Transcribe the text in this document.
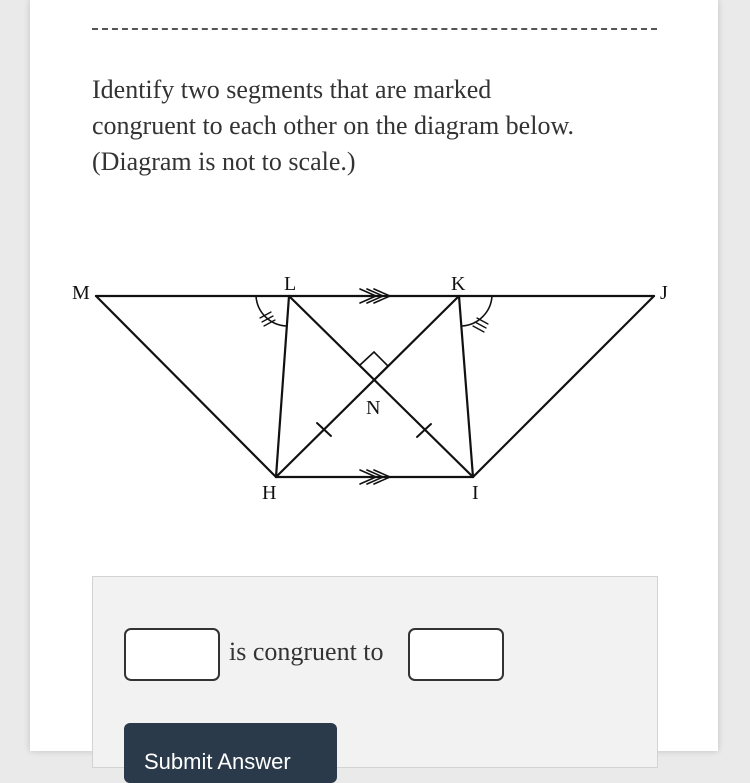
Identify two segments that are marked
congruent to each other on the diagram below.
(Diagram is not to scale.)
M	L	K	J
N
H	I
is congruent to
Submit Answer
